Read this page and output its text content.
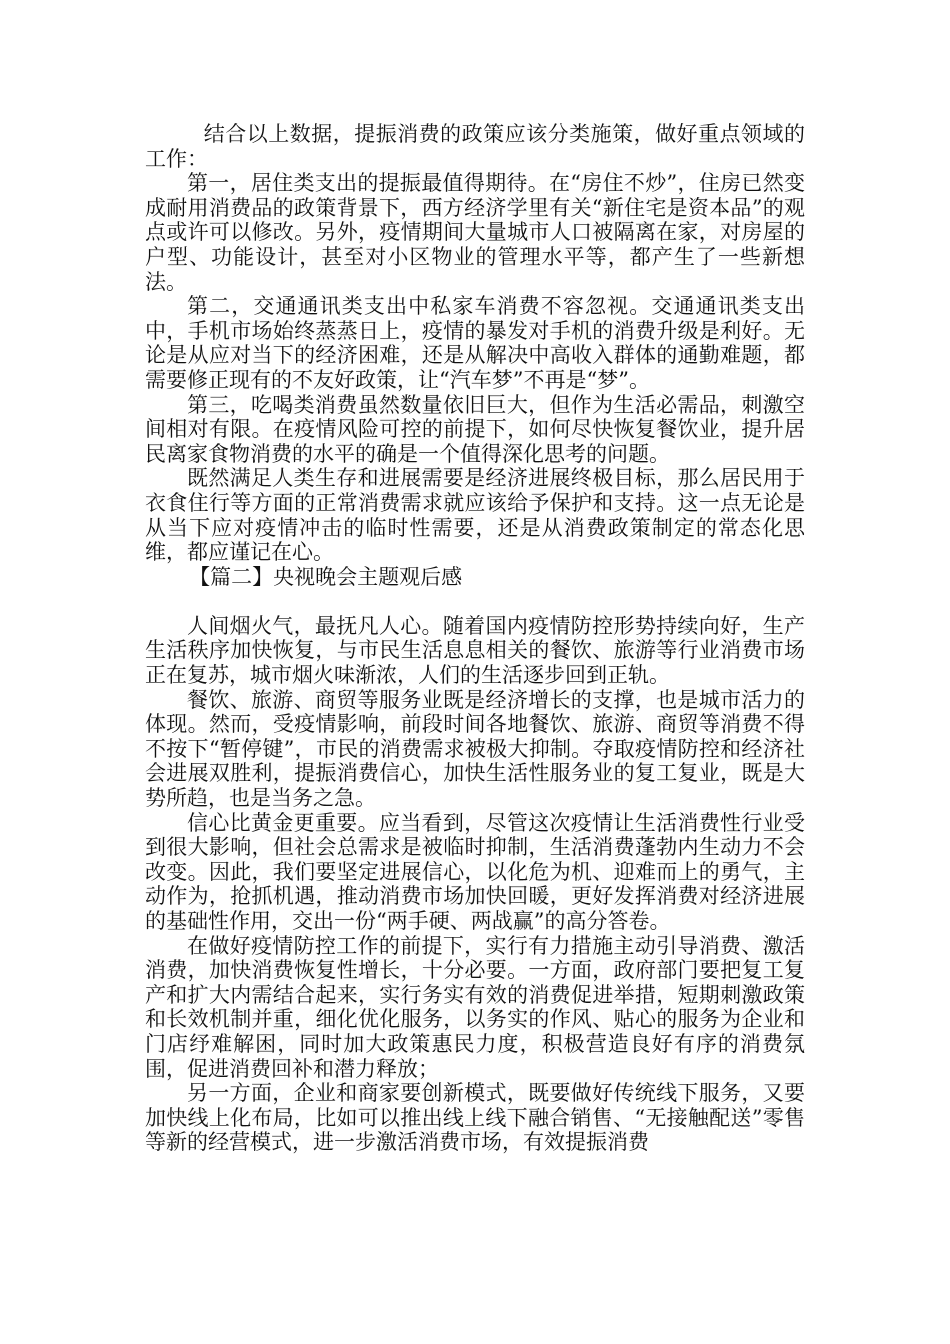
结合以上数据，提振消费的政策应该分类施策，做好重点领域的工作：

第一，居住类支出的提振最值得期待。在“房住不炒”，住房已然变成耐用消费品的政策背景下，西方经济学里有关“新住宅是资本品”的观点或许可以修改。另外，疫情期间大量城市人口被隔离在家，对房屋的户型、功能设计，甚至对小区物业的管理水平等，都产生了一些新想法。

第二，交通通讯类支出中私家车消费不容忽视。交通通讯类支出中，手机市场始终蒸蒸日上，疫情的暴发对手机的消费升级是利好。无论是从应对当下的经济困难，还是从解决中高收入群体的通勤难题，都需要修正现有的不友好政策，让“汽车梦”不再是“梦”。

第三，吃喝类消费虽然数量依旧巨大，但作为生活必需品，刺激空间相对有限。在疫情风险可控的前提下，如何尽快恢复餐饮业，提升居民离家食物消费的水平的确是一个值得深化思考的问题。

既然满足人类生存和进展需要是经济进展终极目标，那么居民用于衣食住行等方面的正常消费需求就应该给予保护和支持。这一点无论是从当下应对疫情冲击的临时性需要，还是从消费政策制定的常态化思维，都应谨记在心。

【篇二】央视晚会主题观后感

人间烟火气，最抚凡人心。随着国内疫情防控形势持续向好，生产生活秩序加快恢复，与市民生活息息相关的餐饮、旅游等行业消费市场正在复苏，城市烟火味渐浓，人们的生活逐步回到正轨。

餐饮、旅游、商贸等服务业既是经济增长的支撑，也是城市活力的体现。然而，受疫情影响，前段时间各地餐饮、旅游、商贸等消费不得不按下“暂停键”，市民的消费需求被极大抑制。夺取疫情防控和经济社会进展双胜利，提振消费信心，加快生活性服务业的复工复业，既是大势所趋，也是当务之急。

信心比黄金更重要。应当看到，尽管这次疫情让生活消费性行业受到很大影响，但社会总需求是被临时抑制，生活消费蓬勃内生动力不会改变。因此，我们要坚定进展信心，以化危为机、迎难而上的勇气，主动作为，抢抓机遇，推动消费市场加快回暖，更好发挥消费对经济进展的基础性作用，交出一份“两手硬、两战赢”的高分答卷。

在做好疫情防控工作的前提下，实行有力措施主动引导消费、激活消费，加快消费恢复性增长，十分必要。一方面，政府部门要把复工复产和扩大内需结合起来，实行务实有效的消费促进举措，短期刺激政策和长效机制并重，细化优化服务，以务实的作风、贴心的服务为企业和门店纾难解困，同时加大政策惠民力度，积极营造良好有序的消费氛围，促进消费回补和潜力释放；

另一方面，企业和商家要创新模式，既要做好传统线下服务，又要加快线上化布局，比如可以推出线上线下融合销售、“无接触配送”零售等新的经营模式，进一步激活消费市场，有效提振消费
